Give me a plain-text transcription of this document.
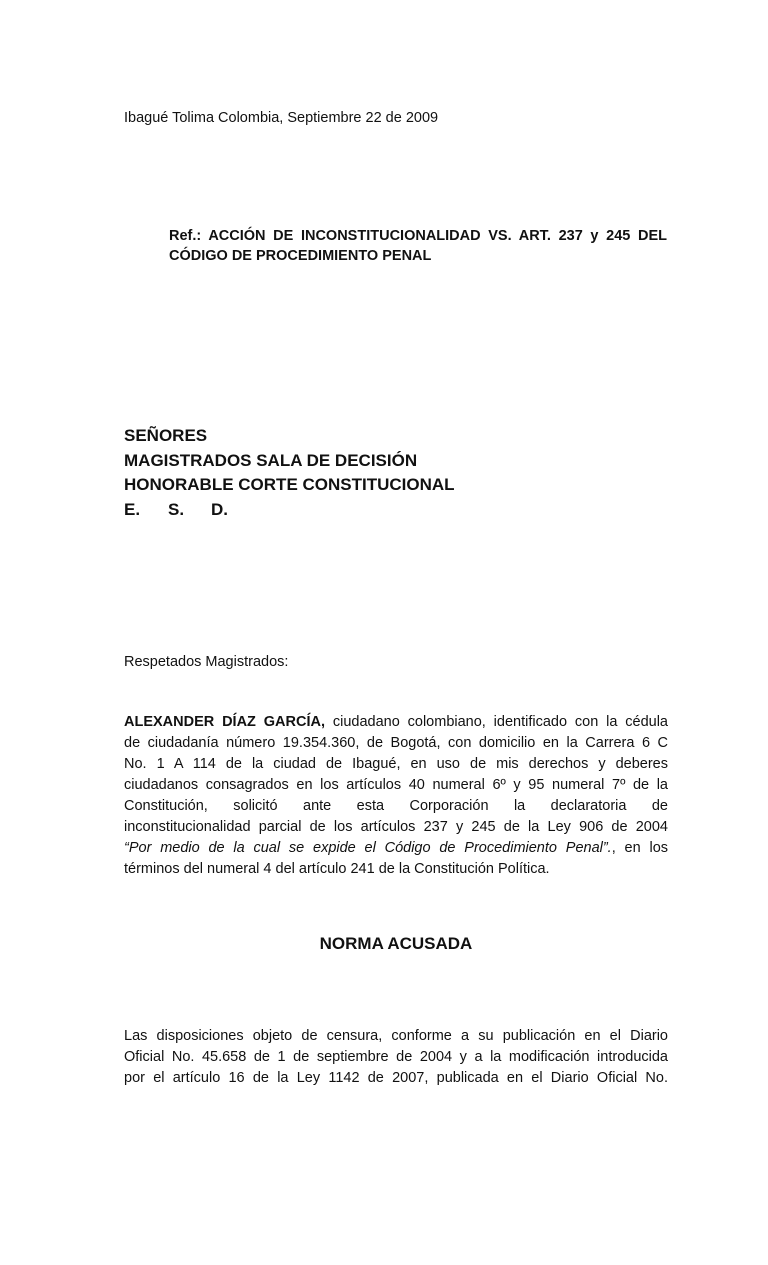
Ibagué Tolima Colombia, Septiembre 22 de 2009
Ref.: ACCIÓN DE INCONSTITUCIONALIDAD VS. ART. 237 y 245 DEL
CÓDIGO DE PROCEDIMIENTO PENAL
SEÑORES
MAGISTRADOS SALA DE DECISIÓN
HONORABLE CORTE CONSTITUCIONAL
E. S. D.
Respetados Magistrados:
ALEXANDER DÍAZ GARCÍA, ciudadano colombiano, identificado con la cédula
de ciudadanía número 19.354.360, de Bogotá, con domicilio en la Carrera 6 C
No. 1 A 114 de la ciudad de Ibagué, en uso de mis derechos y deberes
ciudadanos consagrados en los artículos 40 numeral 6º y 95 numeral 7º de la
Constitución, solicitó ante esta Corporación la declaratoria de
inconstitucionalidad parcial de los artículos 237 y 245 de la Ley 906 de 2004
“Por medio de la cual se expide el Código de Procedimiento Penal”., en los
términos del numeral 4 del artículo 241 de la Constitución Política.
NORMA ACUSADA
Las disposiciones objeto de censura, conforme a su publicación en el Diario
Oficial No. 45.658 de 1 de septiembre de 2004 y a la modificación introducida
por el artículo 16 de la Ley 1142 de 2007, publicada en el Diario Oficial No.
